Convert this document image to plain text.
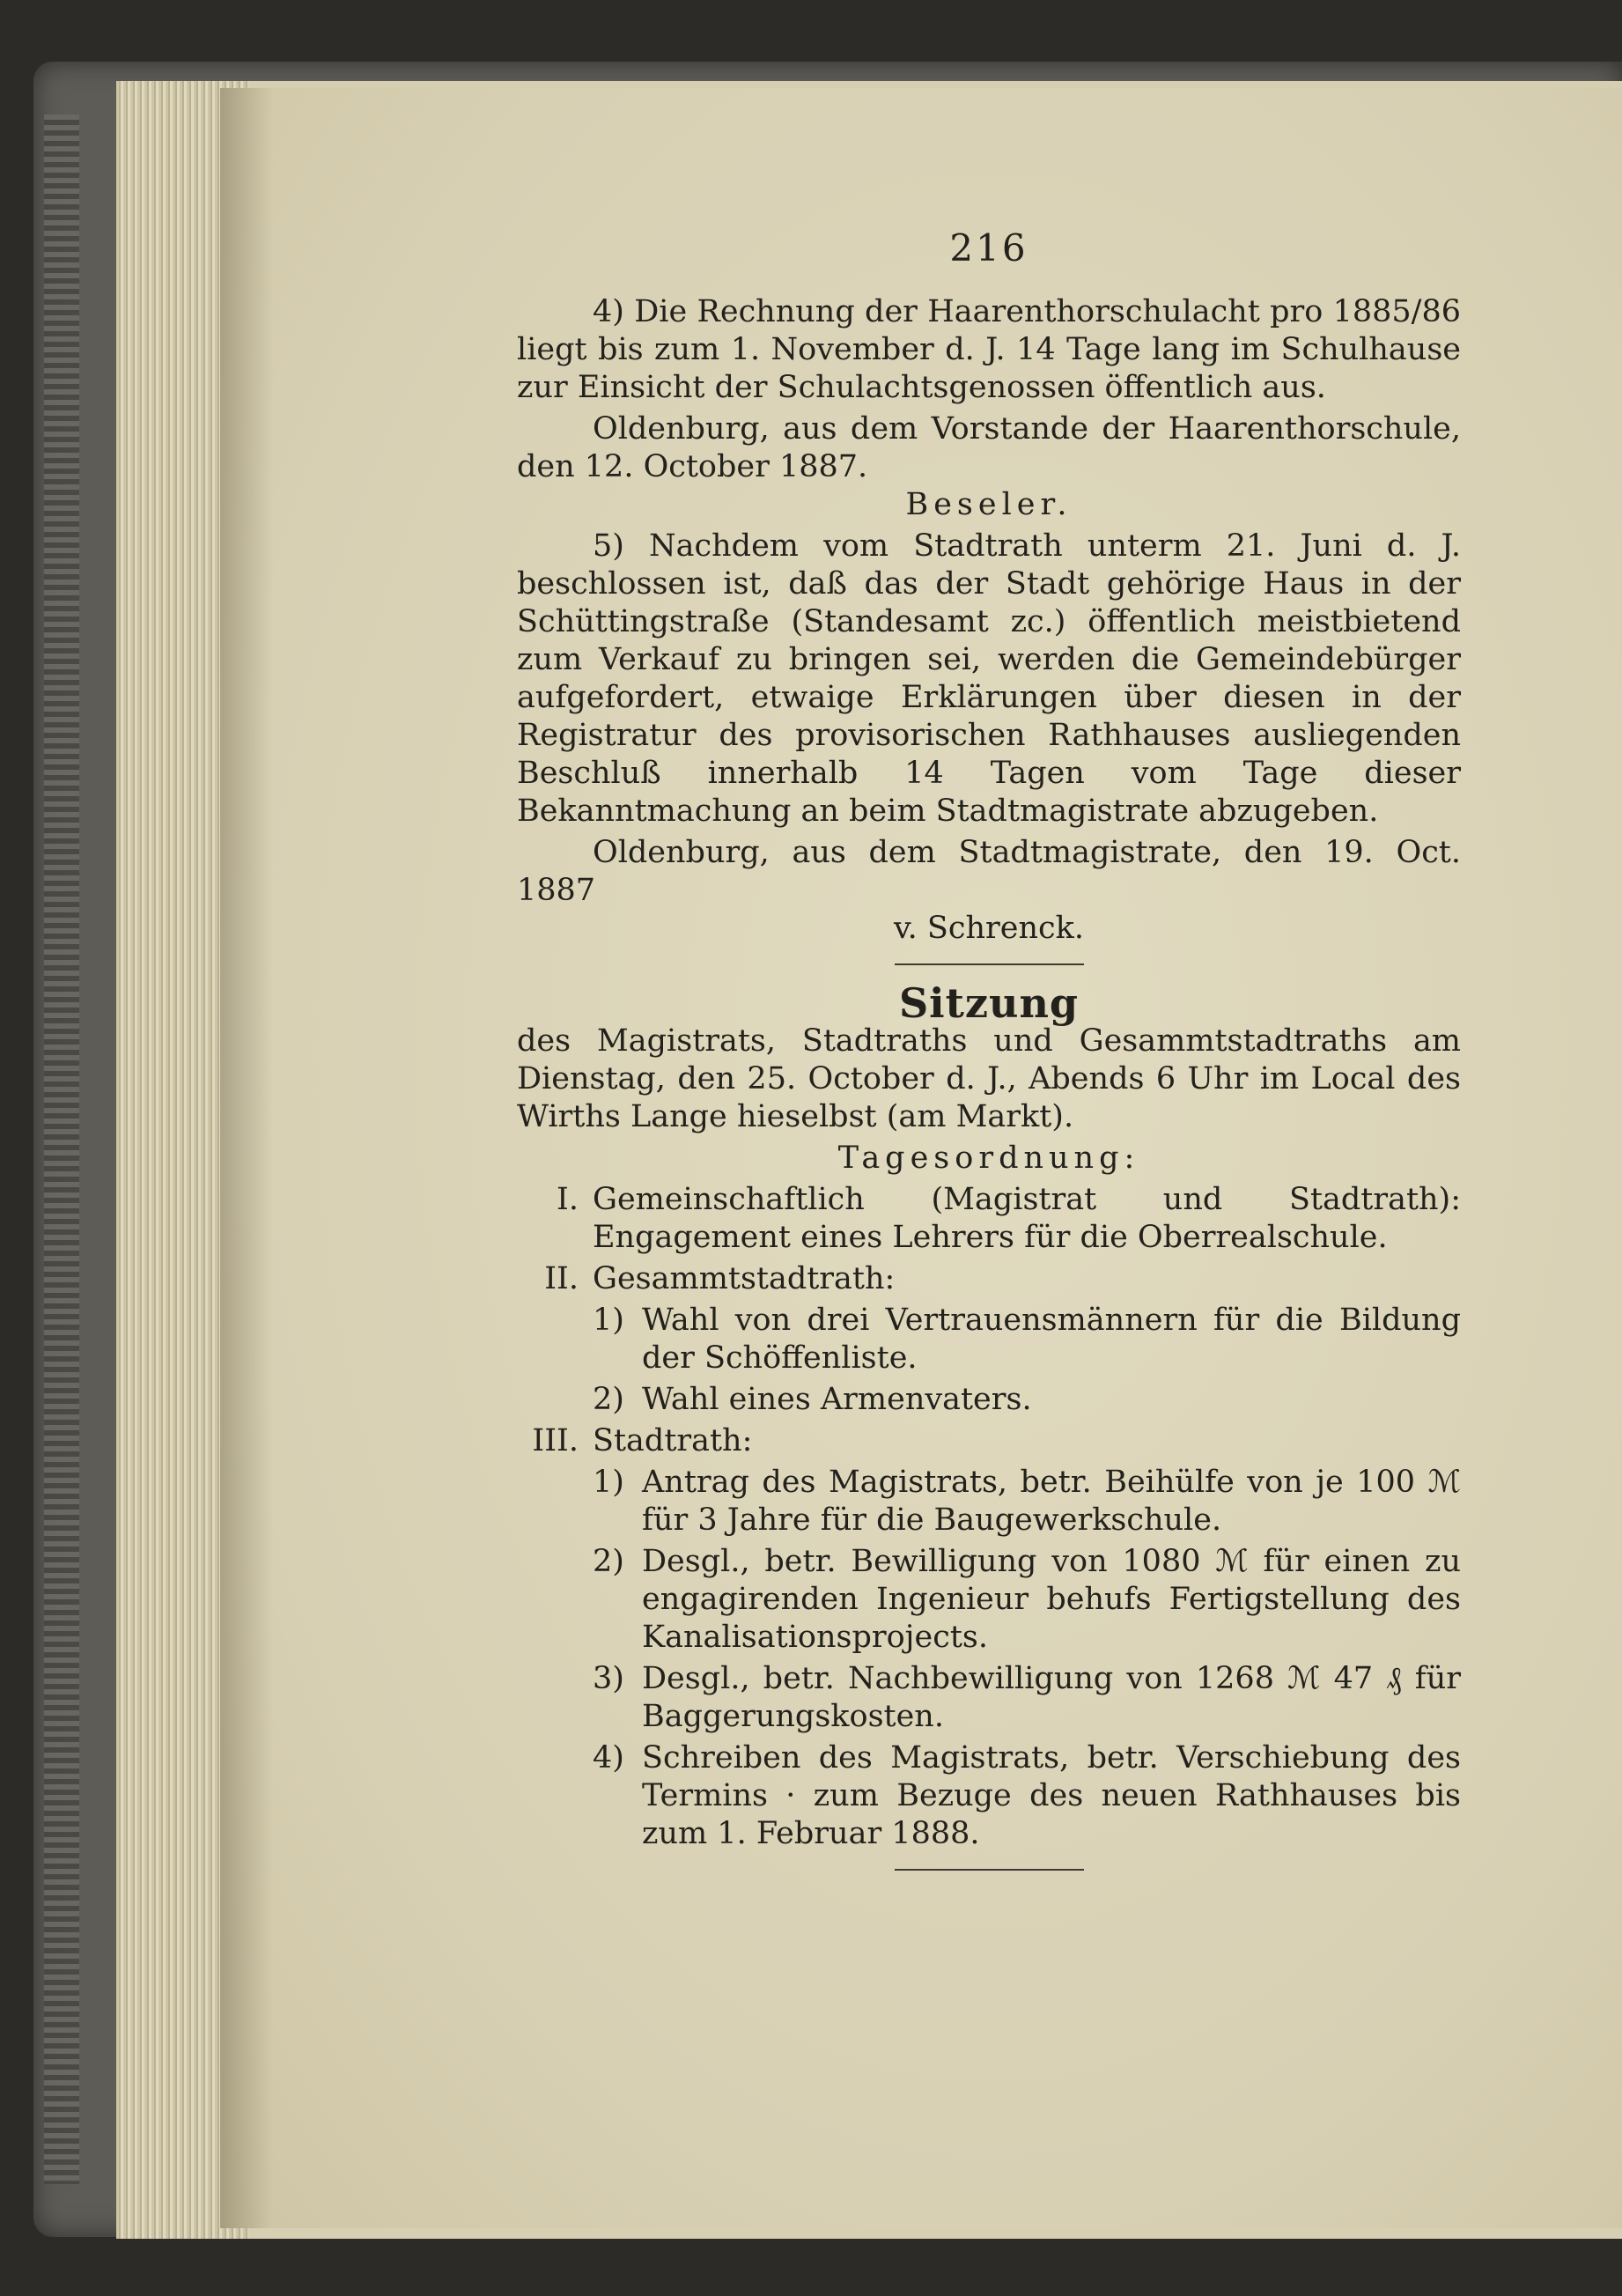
216

4) Die Rechnung der Haarenthorschulacht pro 1885/86 liegt bis zum 1. November d. J. 14 Tage lang im Schulhause zur Einsicht der Schulachtsgenossen öffentlich aus.

Oldenburg, aus dem Vorstande der Haarenthorschule, den 12. October 1887.

Beseler.

5) Nachdem vom Stadtrath unterm 21. Juni d. J. beschlossen ist, daß das der Stadt gehörige Haus in der Schüttingstraße (Standesamt zc.) öffentlich meistbietend zum Verkauf zu bringen sei, werden die Gemeindebürger aufgefordert, etwaige Erklärungen über diesen in der Registratur des provisorischen Rathhauses ausliegenden Beschluß innerhalb 14 Tagen vom Tage dieser Bekanntmachung an beim Stadtmagistrate abzugeben.

Oldenburg, aus dem Stadtmagistrate, den 19. Oct. 1887

v. Schrenck.

Sitzung

des Magistrats, Stadtraths und Gesammtstadtraths am Dienstag, den 25. October d. J., Abends 6 Uhr im Local des Wirths Lange hieselbst (am Markt).

Tagesordnung:
I. Gemeinschaftlich (Magistrat und Stadtrath): Engagement eines Lehrers für die Oberrealschule.
II. Gesammtstadtrath:
1) Wahl von drei Vertrauensmännern für die Bildung der Schöffenliste.
2) Wahl eines Armenvaters.
III. Stadtrath:
1) Antrag des Magistrats, betr. Beihülfe von je 100 ℳ für 3 Jahre für die Baugewerkschule.
2) Desgl., betr. Bewilligung von 1080 ℳ für einen zu engagirenden Ingenieur behufs Fertigstellung des Kanalisationsprojects.
3) Desgl., betr. Nachbewilligung von 1268 ℳ 47 ₰ für Baggerungskosten.
4) Schreiben des Magistrats, betr. Verschiebung des Termins · zum Bezuge des neuen Rathhauses bis zum 1. Februar 1888.
